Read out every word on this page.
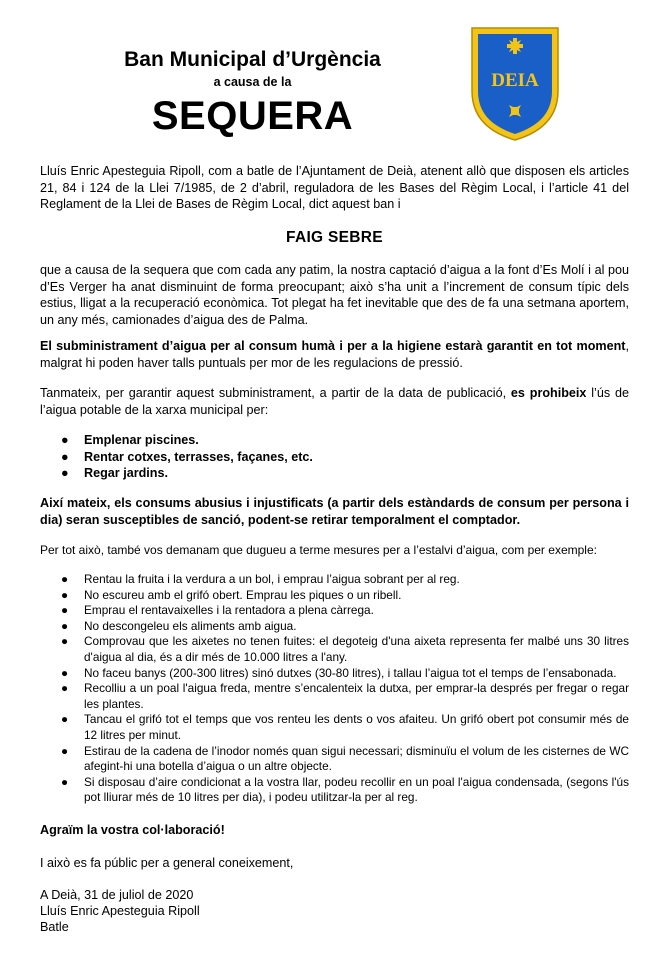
Ban Municipal d’Urgència
a causa de la
SEQUERA
DEIA

Lluís Enric Apesteguia Ripoll, com a batle de l’Ajuntament de Deià, atenent allò que disposen els articles 21, 84 i 124 de la Llei 7/1985, de 2 d’abril, reguladora de les Bases del Règim Local, i l’article 41 del Reglament de la Llei de Bases de Règim Local, dict aquest ban i

FAIG SEBRE

que a causa de la sequera que com cada any patim, la nostra captació d’aigua a la font d’Es Molí i al pou d’Es Verger ha anat disminuint de forma preocupant; això s’ha unit a l’increment de consum típic dels estius, lligat a la recuperació econòmica. Tot plegat ha fet inevitable que des de fa una setmana aportem, un any més, camionades d’aigua des de Palma.

El subministrament d’aigua per al consum humà i per a la higiene estarà garantit en tot moment, malgrat hi poden haver talls puntuals per mor de les regulacions de pressió.

Tanmateix, per garantir aquest subministrament, a partir de la data de publicació, es prohibeix l’ús de l’aigua potable de la xarxa municipal per:

● Emplenar piscines.
● Rentar cotxes, terrasses, façanes, etc.
● Regar jardins.

Així mateix, els consums abusius i injustificats (a partir dels estàndards de consum per persona i dia) seran susceptibles de sanció, podent-se retirar temporalment el comptador.

Per tot això, també vos demanam que dugueu a terme mesures per a l’estalvi d’aigua, com per exemple:

● Rentau la fruita i la verdura a un bol, i emprau l’aigua sobrant per al reg.
● No escureu amb el grifó obert. Emprau les piques o un ribell.
● Emprau el rentavaixelles i la rentadora a plena càrrega.
● No descongeleu els aliments amb aigua.
● Comprovau que les aixetes no tenen fuites: el degoteig d'una aixeta representa fer malbé uns 30 litres d'aigua al dia, és a dir més de 10.000 litres a l'any.
● No faceu banys (200-300 litres) sinó dutxes (30-80 litres), i tallau l’aigua tot el temps de l’ensabonada.
● Recolliu a un poal l'aigua freda, mentre s’encalenteix la dutxa, per emprar-la després per fregar o regar les plantes.
● Tancau el grifó tot el temps que vos renteu les dents o vos afaiteu. Un grifó obert pot consumir més de 12 litres per minut.
● Estirau de la cadena de l’inodor només quan sigui necessari; disminuïu el volum de les cisternes de WC afegint-hi una botella d’aigua o un altre objecte.
● Si disposau d’aire condicionat a la vostra llar, podeu recollir en un poal l'aigua condensada, (segons l'ús pot lliurar més de 10 litres per dia), i podeu utilitzar-la per al reg.

Agraïm la vostra col·laboració!

I això es fa públic per a general coneixement,

A Deià, 31 de juliol de 2020
Lluís Enric Apesteguia Ripoll
Batle
